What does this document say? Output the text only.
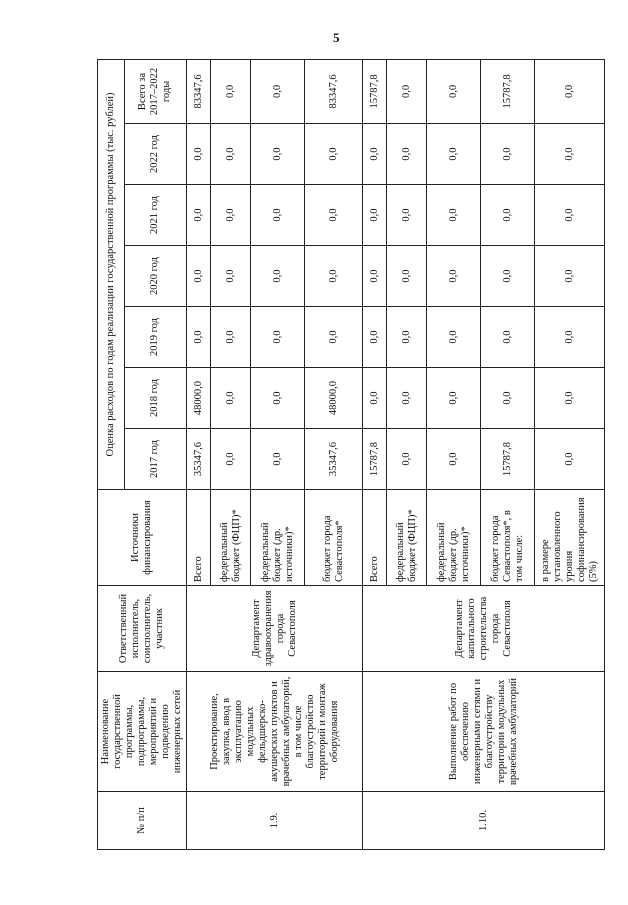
5
№ п/п	Наименование государственной программы, подпрограммы, мероприятий и подведению инженерных сетей	Ответственный исполнитель, соисполнитель, участник	Источники финансирования	Оценка расходов по годам реализации государственной программы (тыс. рублей)						
				2017 год	2018 год	2019 год	2020 год	2021 год	2022 год	Всего за 2017–2022 годы
1.9.	Проектирование, закупка, ввод в эксплуатацию модульных фельдшерско-акушерских пунктов и врачебных амбулаторий, в том числе благоустройство территорий и монтаж оборудования	Департамент здравоохранения города Севастополя	Всего	35347,6	48000,0	0,0	0,0	0,0	0,0	83347,6
			федеральный бюджет (ФЦП)*	0,0	0,0	0,0	0,0	0,0	0,0	0,0
			федеральный бюджет (др. источники)*	0,0	0,0	0,0	0,0	0,0	0,0	0,0
			бюджет города Севастополя*	35347,6	48000,0	0,0	0,0	0,0	0,0	83347,6
1.10.	Выполнение работ по обеспечению инженерными сетями и благоустройству территории модульных врачебных амбулаторий	Департамент капитального строительства города Севастополя	Всего	15787,8	0,0	0,0	0,0	0,0	0,0	15787,8
			федеральный бюджет (ФЦП)*	0,0	0,0	0,0	0,0	0,0	0,0	0,0
			федеральный бюджет (др. источники)*	0,0	0,0	0,0	0,0	0,0	0,0	0,0
			бюджет города Севастополя*, в том числе:	15787,8	0,0	0,0	0,0	0,0	0,0	15787,8
			в размере установленного уровня софинансирования (5%)	0,0	0,0	0,0	0,0	0,0	0,0	0,0
